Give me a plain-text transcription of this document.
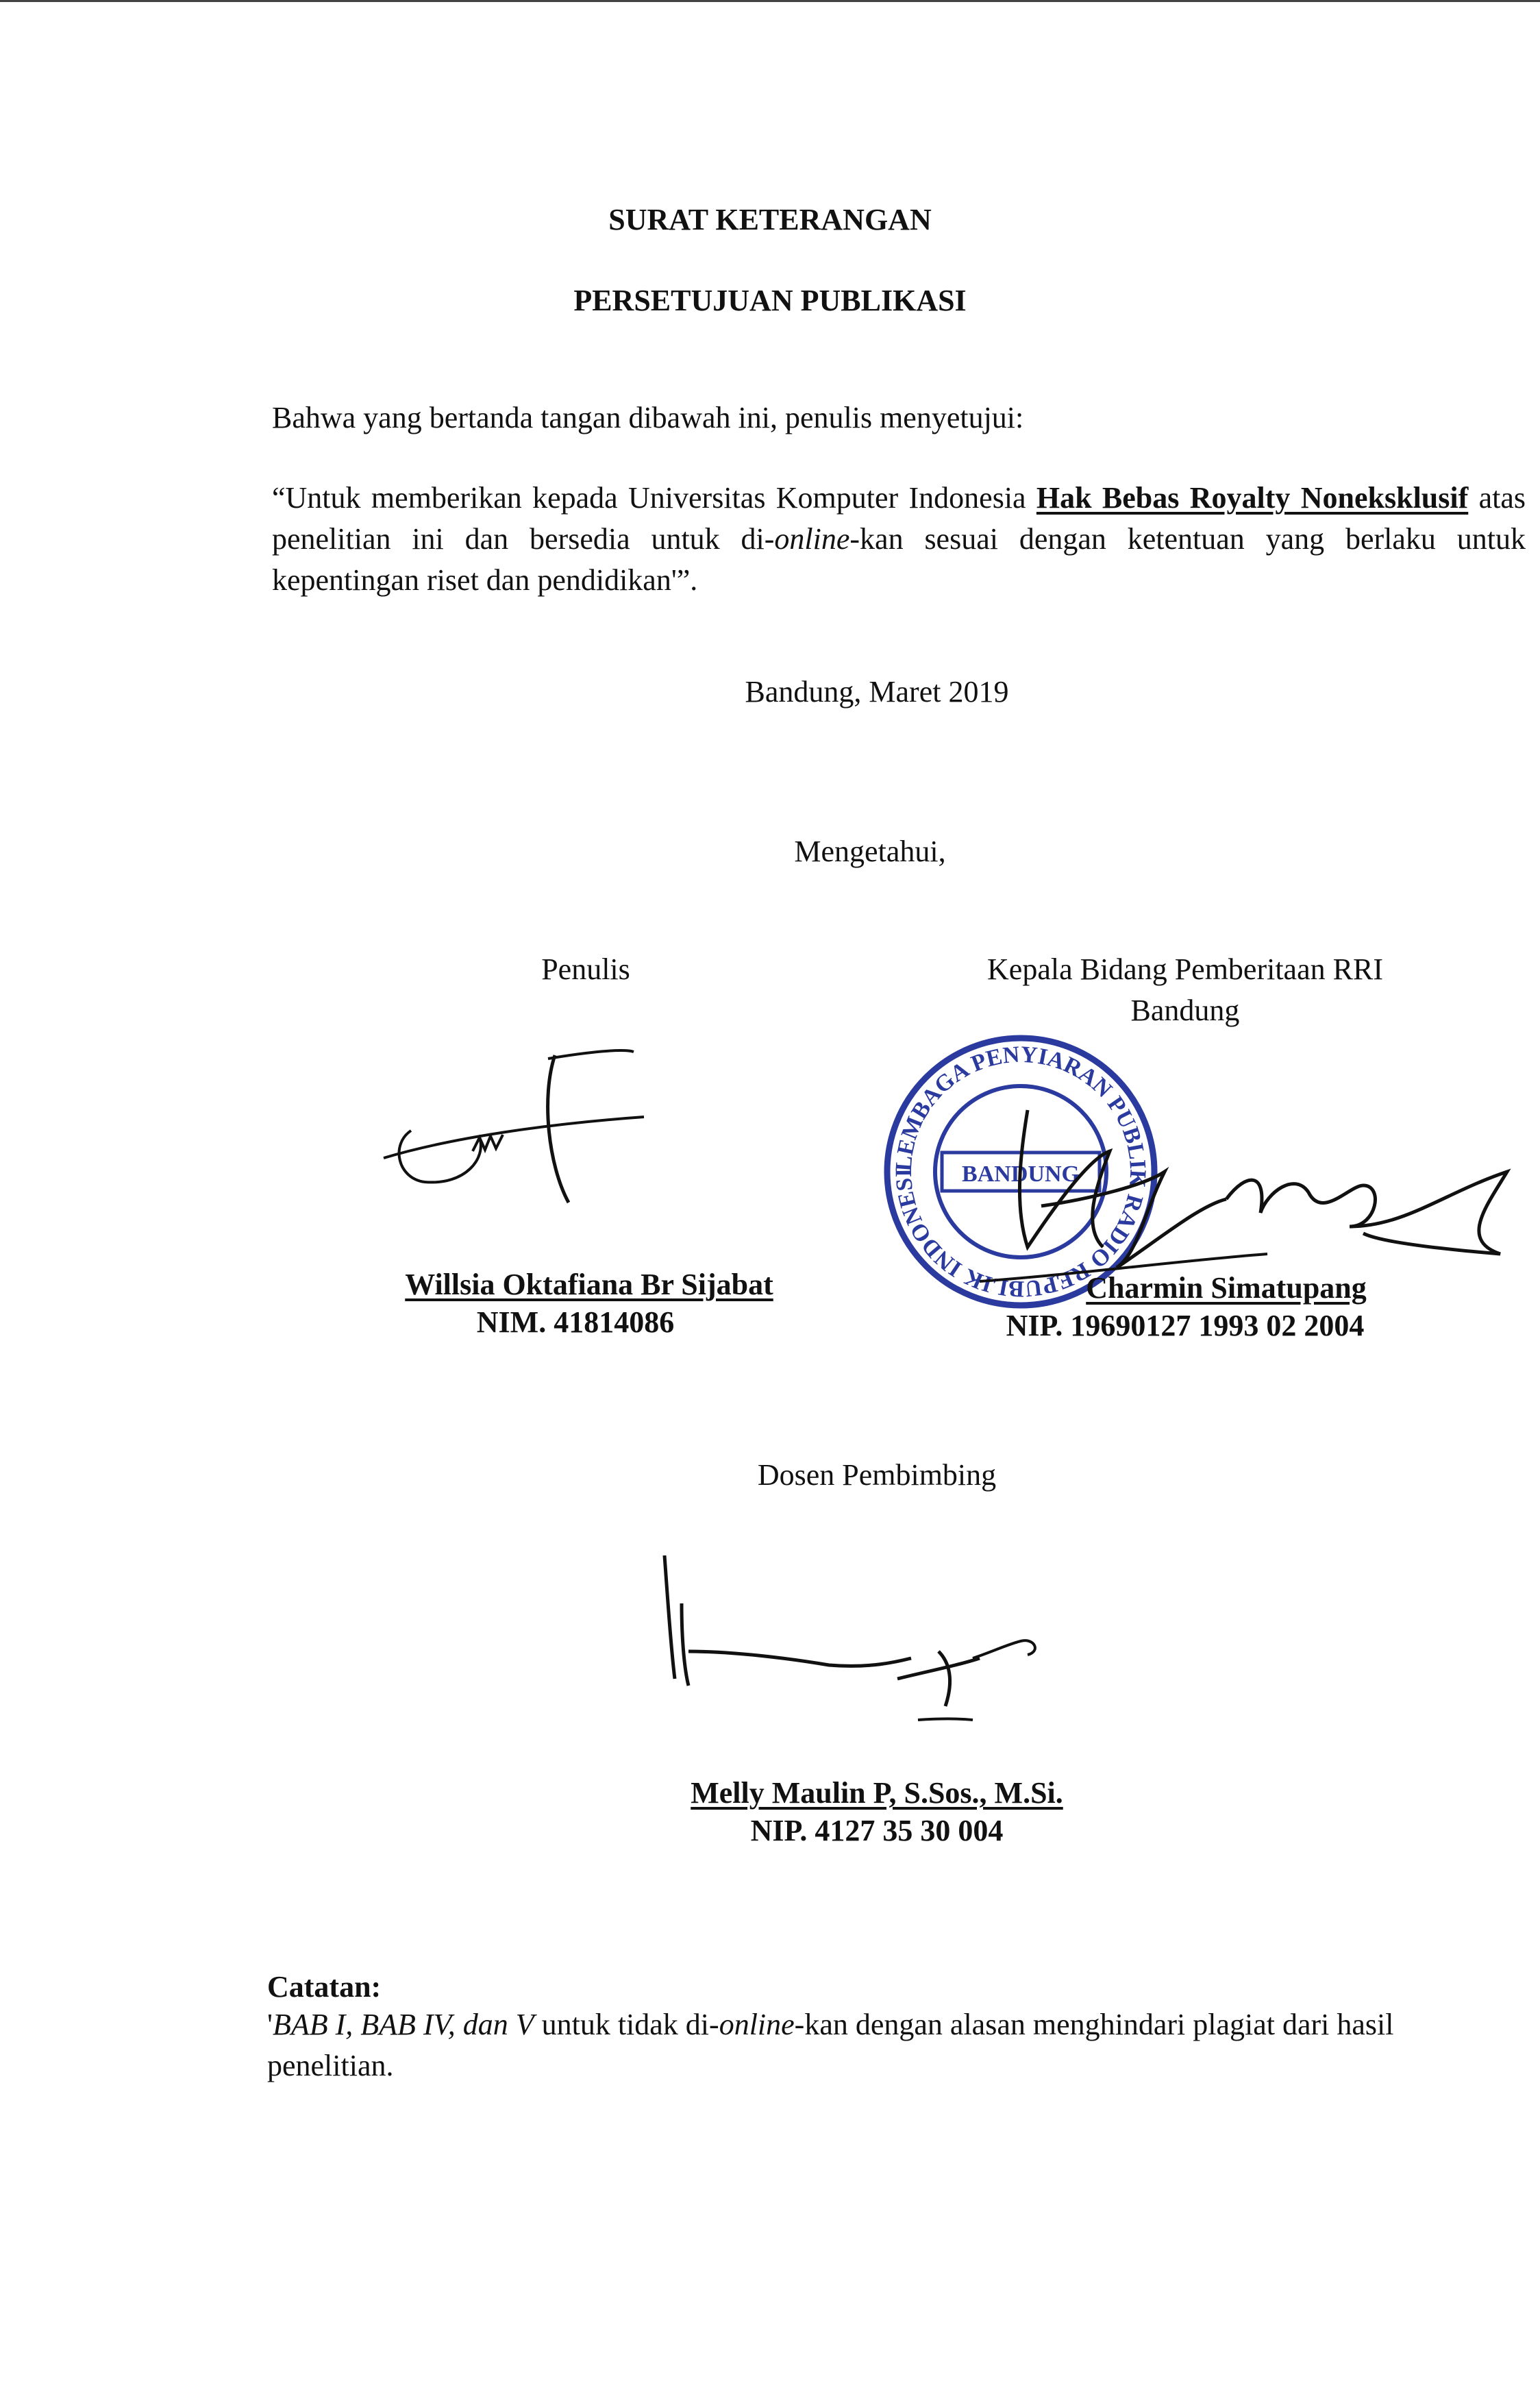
SURAT KETERANGAN
PERSETUJUAN PUBLIKASI
Bahwa yang bertanda tangan dibawah ini, penulis menyetujui:
“Untuk memberikan kepada Universitas Komputer Indonesia Hak Bebas Royalty Noneksklusif atas penelitian ini dan bersedia untuk di-online-kan sesuai dengan ketentuan yang berlaku untuk kepentingan riset dan pendidikan'”.
Bandung, Maret 2019
Mengetahui,
Penulis
Willsia Oktafiana Br Sijabat
NIM. 41814086
Kepala Bidang Pemberitaan RRI
Bandung
LEMBAGA PENYIARAN PUBLIK RADIO REPUBLIK INDONESIA
BANDUNG
Charmin Simatupang
NIP. 19690127 1993 02 2004
Dosen Pembimbing
Melly Maulin P, S.Sos., M.Si.
NIP. 4127 35 30 004
Catatan:
'BAB I, BAB IV, dan V untuk tidak di-online-kan dengan alasan menghindari plagiat dari hasil penelitian.
